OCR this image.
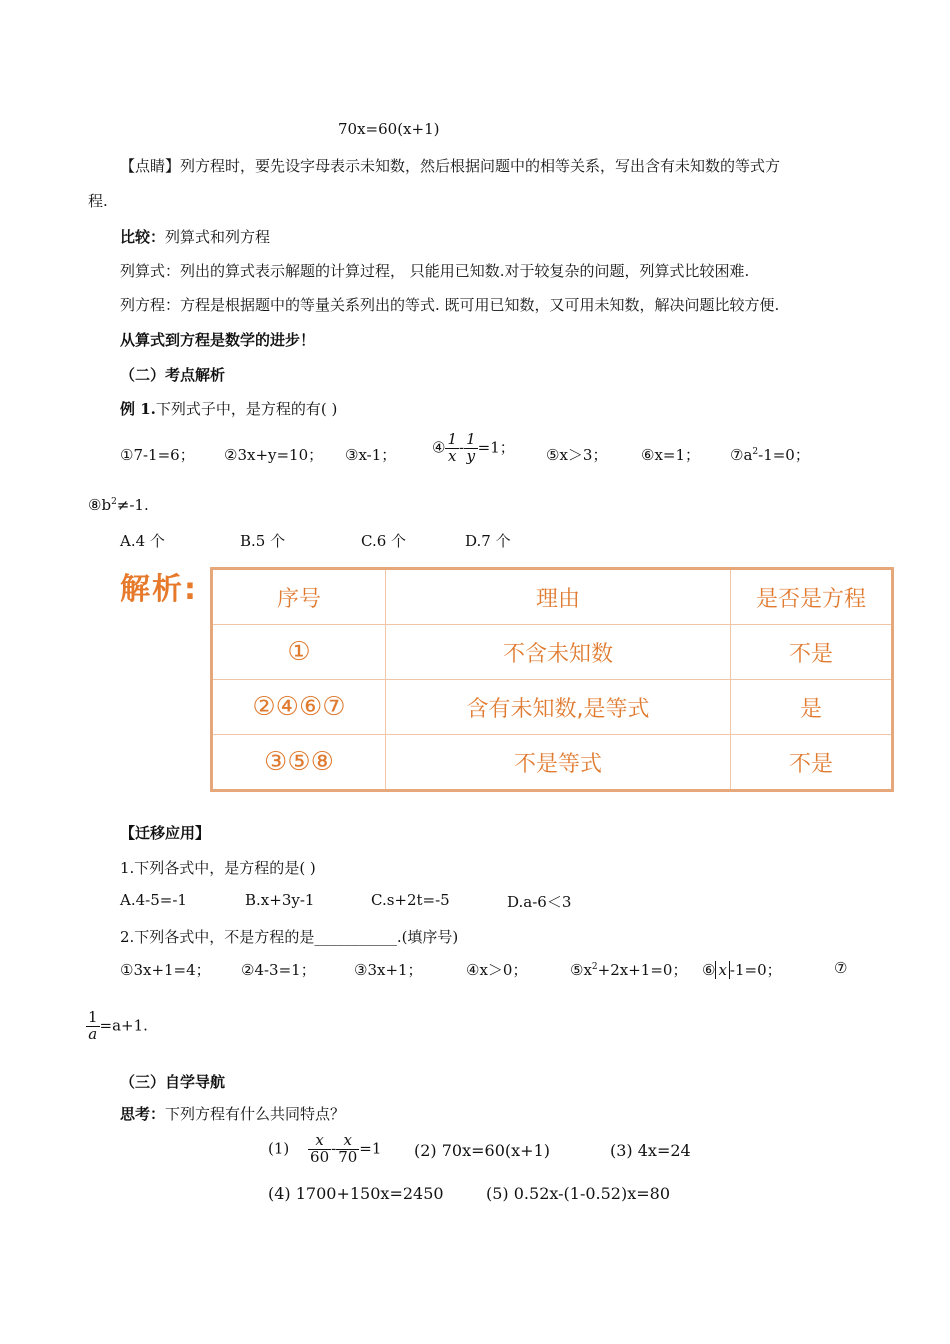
70x=60(x+1)
【点睛】列方程时，要先设字母表示未知数，然后根据问题中的相等关系，写出含有未知数的等式方
程.
比较：列算式和列方程
列算式：列出的算式表示解题的计算过程， 只能用已知数.对于较复杂的问题，列算式比较困难.
列方程：方程是根据题中的等量关系列出的等式. 既可用已知数，又可用未知数，解决问题比较方便.
从算式到方程是数学的进步！
（二）考点解析
例 1.下列式子中，是方程的有( )
①7-1=6； ②3x+y=10； ③x-1； ④ $\frac{1}{x} - \frac{1}{y} =1$； ⑤x＞3； ⑥x=1； $⑦a^2-1=0$；
$⑧b^2\ne-1$.
A.4 个	B.5 个	C.6 个	D.7 个
解析:	序号	理由	是否是方程
①	不含未知数	不是
②④⑥⑦	含有未知数,是等式	是
③⑤⑧	不是等式	不是
【迁移应用】
1.下列各式中，是方程的是( )
A.4-5=-1	B.x+3y-1	C.s+2t=-5	D.a-6＜3
2.下列各式中，不是方程的是___________.(填序号)
①3x+1=4； ②4-3=1；	③3x+1；	④x＞0；	$⑤x^2+2x+1=0$； ⑥ x -1=0；	⑦
$\frac{1}{a} =a+1$.
（三）自学导航
思考：下列方程有什么共同特点？
$(1) \frac{x}{60} - \frac{x}{70} =1$ (2) 70x=60(x+1)	(3) 4x=24
(4) 1700+150x=2450	(5) 0.52x-(1-0.52)x=80
